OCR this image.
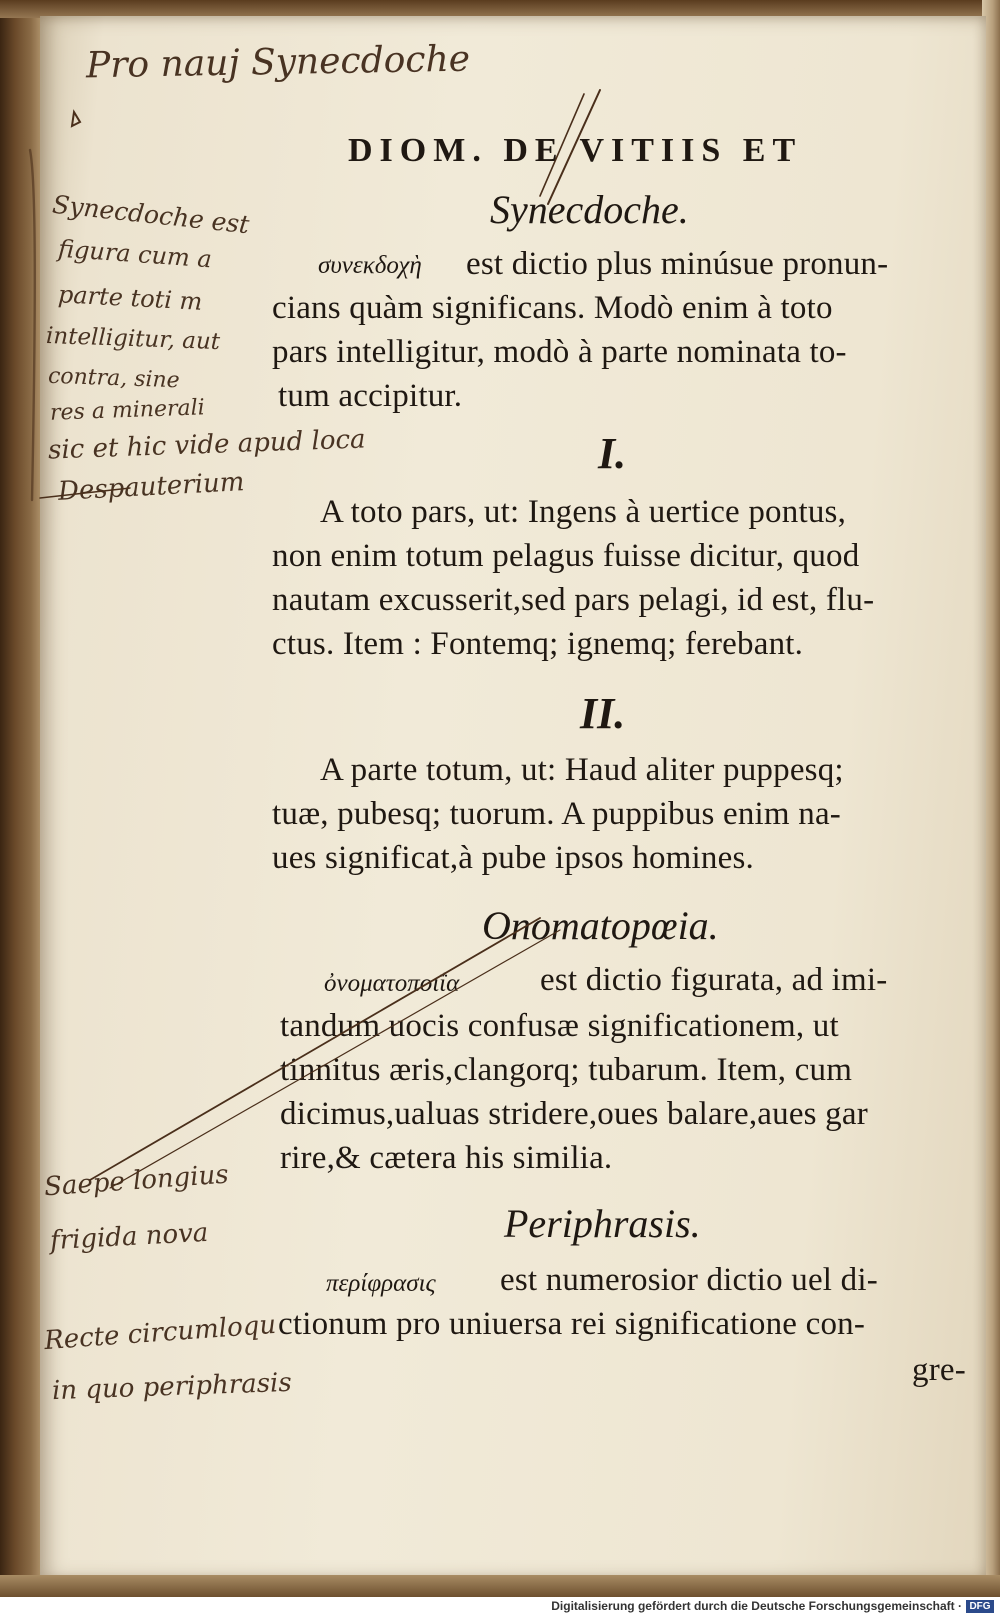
Pro nauj Synecdoche
DIOM. DE VITIIS ET
Synecdoche.
συνεκδοχὴ est dictio plus minúsue pronun-
cians quàm significans. Modò enim à toto
pars intelligitur, modò à parte nominata to-
tum accipitur.
I.
A toto pars, ut: Ingens à uertice pontus,
non enim totum pelagus fuisse dicitur, quod
nautam excusserit,sed pars pelagi, id est, flu-
ctus. Item : Fontemq; ignemq; ferebant.
II.
A parte totum, ut: Haud aliter puppesq;
tuæ, pubesq; tuorum. A puppibus enim na-
ues significat,à pube ipsos homines.
Onomatopœia.
ὀνοματοποιΐα est dictio figurata, ad imi-
tandum uocis confusæ significationem, ut
tinnitus æris,clangorq; tubarum. Item, cum
dicimus,ualuas stridere,oues balare,aues gar
rire,& cætera his similia.
Periphrasis.
περίφρασις est numerosior dictio uel di-
ctionum pro uniuersa rei significatione con-
gre-
Synecdoche est
figura cum a
parte toti m
intelligitur, aut
contra, sine
res a minerali
sic et hic vide apud loca
Despauterium
Saepe longius
frigida nova
Recte circumloqu
in quo periphrasis
Digitalisierung gefördert durch die Deutsche Forschungsgemeinschaft · DFG
